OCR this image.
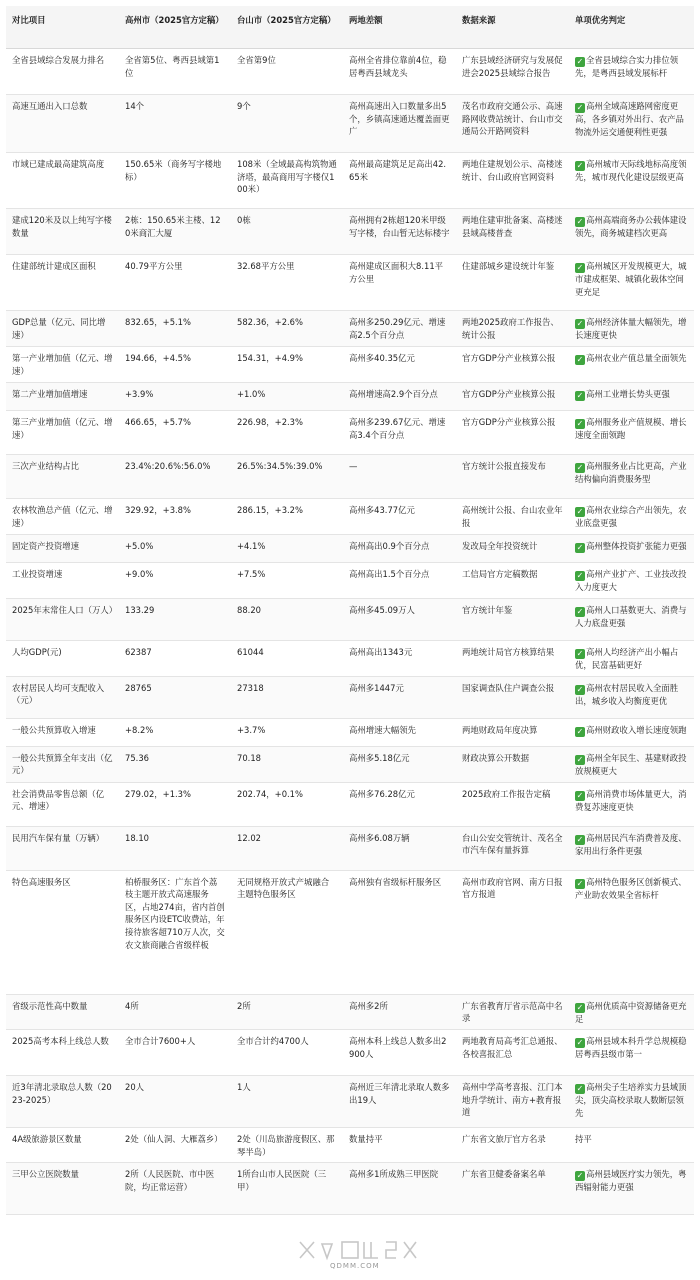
对比项目	高州市（2025官方定稿）	台山市（2025官方定稿）	两地差额	数据来源	单项优劣判定
全省县域综合发展力排名	全省第5位、粤西县域第1位	全省第9位	高州全省排位靠前4位，稳居粤西县域龙头	广东县域经济研究与发展促进会2025县域综合报告	✓ 全省县域综合实力排位领先，是粤西县域发展标杆
高速互通出入口总数	14个	9个	高州高速出入口数量多出5个，乡镇高速通达覆盖面更广	茂名市政府交通公示、高速路网收费站统计、台山市交通局公开路网资料	✓ 高州全域高速路网密度更高，各乡镇对外出行、农产品物流外运交通便利性更强
市域已建成最高建筑高度	150.65米（商务写字楼地标）	108米（全域最高构筑物通济塔，最高商用写字楼仅100米）	高州最高建筑足足高出42.65米	两地住建规划公示、高楼迷统计、台山政府官网资料	✓ 高州城市天际线地标高度领先，城市现代化建设层级更高
建成120米及以上纯写字楼数量	2栋：150.65米主楼、120米商汇大厦	0栋	高州拥有2栋超120米甲级写字楼，台山暂无达标楼宇	两地住建审批备案、高楼迷县域高楼普查	✓ 高州高端商务办公载体建设领先，商务城建档次更高
住建部统计建成区面积	40.79平方公里	32.68平方公里	高州建成区面积大8.11平方公里	住建部城乡建设统计年鉴	✓ 高州城区开发规模更大，城市建成框架、城镇化载体空间更充足
GDP总量（亿元、同比增速）	832.65，+5.1%	582.36，+2.6%	高州多250.29亿元、增速高2.5个百分点	两地2025政府工作报告、统计公报	✓ 高州经济体量大幅领先，增长速度更快
第一产业增加值（亿元、增速）	194.66，+4.5%	154.31，+4.9%	高州多40.35亿元	官方GDP分产业核算公报	✓ 高州农业产值总量全面领先
第二产业增加值增速	+3.9%	+1.0%	高州增速高2.9个百分点	官方GDP分产业核算公报	✓ 高州工业增长势头更强
第三产业增加值（亿元、增速）	466.65，+5.7%	226.98，+2.3%	高州多239.67亿元、增速高3.4个百分点	官方GDP分产业核算公报	✓ 高州服务业产值规模、增长速度全面领跑
三次产业结构占比	23.4%:20.6%:56.0%	26.5%:34.5%:39.0%	—	官方统计公报直接发布	✓ 高州服务业占比更高，产业结构偏向消费服务型
农林牧渔总产值（亿元、增速）	329.92，+3.8%	286.15，+3.2%	高州多43.77亿元	高州统计公报、台山农业年报	✓ 高州农业综合产出领先，农业底盘更强
固定资产投资增速	+5.0%	+4.1%	高州高出0.9个百分点	发改局全年投资统计	✓ 高州整体投资扩张能力更强
工业投资增速	+9.0%	+7.5%	高州高出1.5个百分点	工信局官方定稿数据	✓ 高州产业扩产、工业技改投入力度更大
2025年末常住人口（万人）	133.29	88.20	高州多45.09万人	官方统计年鉴	✓ 高州人口基数更大、消费与人力底盘更强
人均GDP(元)	62387	61044	高州高出1343元	两地统计局官方核算结果	✓ 高州人均经济产出小幅占优，民富基础更好
农村居民人均可支配收入（元）	28765	27318	高州多1447元	国家调查队住户调查公报	✓ 高州农村居民收入全面胜出，城乡收入均衡度更优
一般公共预算收入增速	+8.2%	+3.7%	高州增速大幅领先	两地财政局年度决算	✓ 高州财政收入增长速度领跑
一般公共预算全年支出（亿元）	75.36	70.18	高州多5.18亿元	财政决算公开数据	✓ 高州全年民生、基建财政投放规模更大
社会消费品零售总额（亿元、增速）	279.02，+1.3%	202.74，+0.1%	高州多76.28亿元	2025政府工作报告定稿	✓ 高州消费市场体量更大，消费复苏速度更快
民用汽车保有量（万辆）	18.10	12.02	高州多6.08万辆	台山公安交管统计、茂名全市汽车保有量拆算	✓ 高州居民汽车消费普及度、家用出行条件更强
特色高速服务区	柏桥服务区：广东首个荔枝主题开放式高速服务区，占地274亩，省内首创服务区内设ETC收费站，年接待旅客超710万人次，交农文旅商融合省级样板	无同规格开放式产城融合主题特色服务区	高州独有省级标杆服务区	高州市政府官网、南方日报官方报道	✓ 高州特色服务区创新模式、产业助农效果全省标杆
省级示范性高中数量	4所	2所	高州多2所	广东省教育厅省示范高中名录	✓ 高州优质高中资源储备更充足
2025高考本科上线总人数	全市合计7600+人	全市合计约4700人	高州本科上线总人数多出2900人	两地教育局高考汇总通报、各校喜报汇总	✓ 高州县域本科升学总规模稳居粤西县级市第一
近3年清北录取总人数（2023-2025）	20人	1人	高州近三年清北录取人数多出19人	高州中学高考喜报、江门本地升学统计、南方+教育报道	✓ 高州尖子生培养实力县域顶尖，顶尖高校录取人数断层领先
4A级旅游景区数量	2处（仙人洞、大雁荔乡）	2处（川岛旅游度假区、那琴半岛）	数量持平	广东省文旅厅官方名录	持平
三甲公立医院数量	2所（人民医院、市中医院，均正常运营）	1所台山市人民医院（三甲）	高州多1所成熟三甲医院	广东省卫健委备案名单	✓ 高州县域医疗实力领先，粤西辐射能力更强
QDMM.COM
